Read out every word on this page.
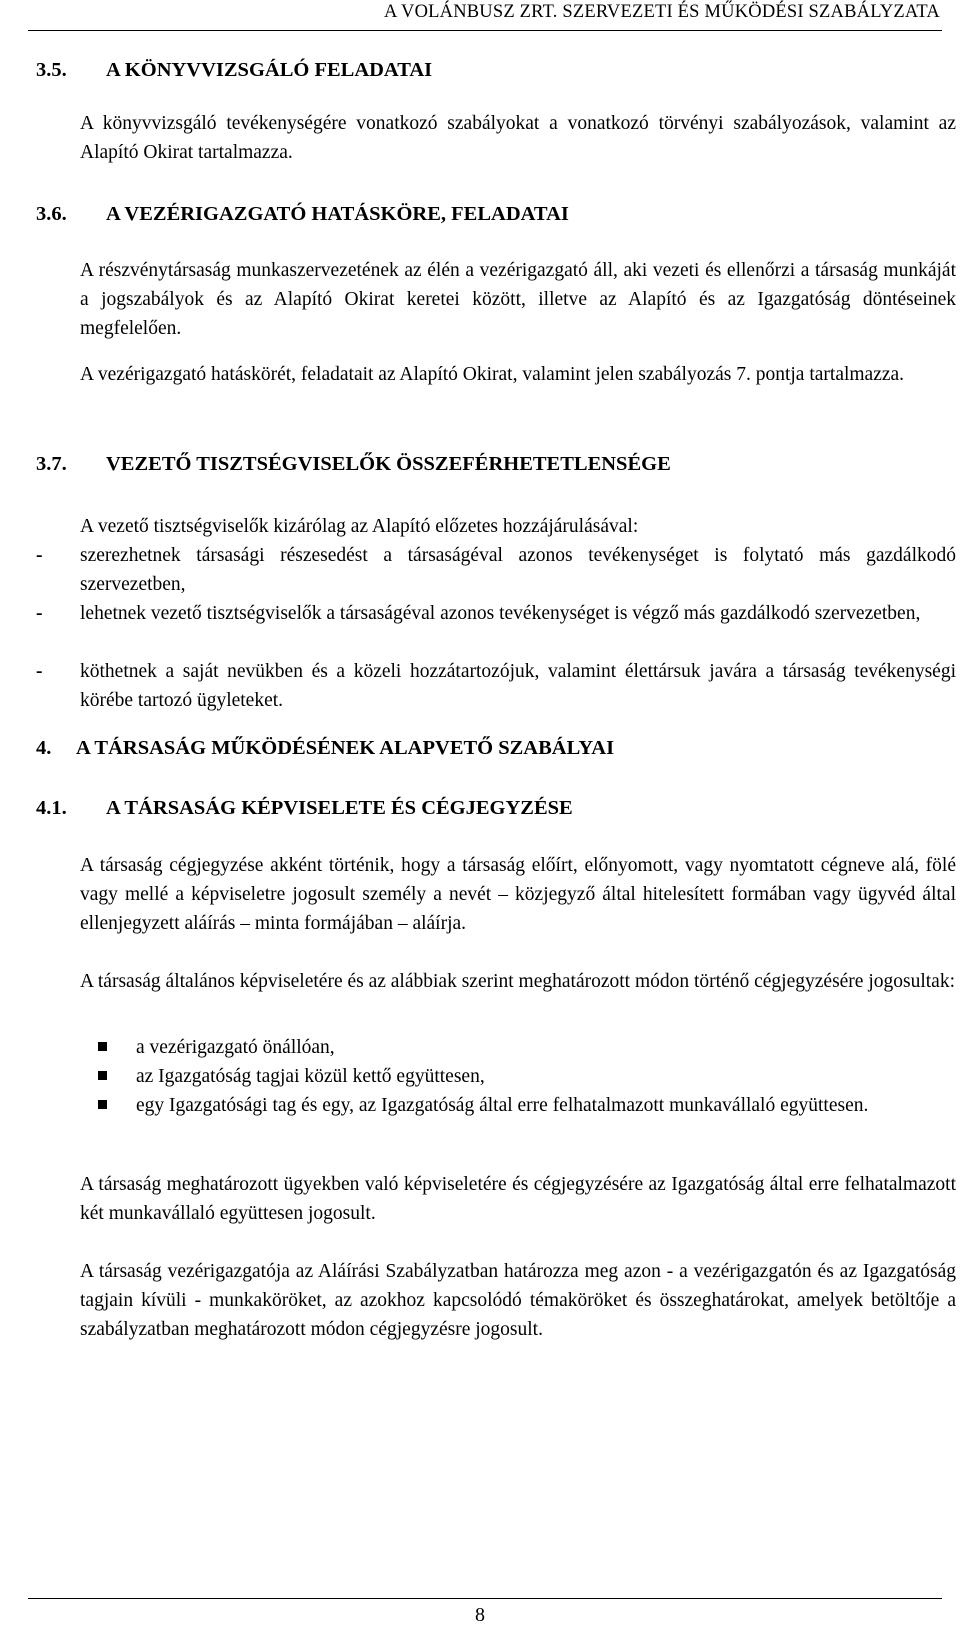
A VOLÁNBUSZ ZRT. SZERVEZETI ÉS MŰKÖDÉSI SZABÁLYZATA
3.5. A KÖNYVVIZSGÁLÓ FELADATAI
A könyvvizsgáló tevékenységére vonatkozó szabályokat a vonatkozó törvényi szabályozások, valamint az Alapító Okirat tartalmazza.
3.6. A VEZÉRIGAZGATÓ HATÁSKÖRE, FELADATAI
A részvénytársaság munkaszervezetének az élén a vezérigazgató áll, aki vezeti és ellenőrzi a társaság munkáját a jogszabályok és az Alapító Okirat keretei között, illetve az Alapító és az Igazgatóság döntéseinek megfelelően.
A vezérigazgató hatáskörét, feladatait az Alapító Okirat, valamint jelen szabályozás 7. pontja tartalmazza.
3.7. VEZETŐ TISZTSÉGVISELŐK ÖSSZEFÉRHETETLENSÉGE
A vezető tisztségviselők kizárólag az Alapító előzetes hozzájárulásával:
-	szerezhetnek társasági részesedést a társaságéval azonos tevékenységet is folytató más gazdálkodó szervezetben,
-	lehetnek vezető tisztségviselők a társaságéval azonos tevékenységet is végző más gazdálkodó szervezetben,
-	köthetnek a saját nevükben és a közeli hozzátartozójuk, valamint élettársuk javára a társaság tevékenységi körébe tartozó ügyleteket.
4. A TÁRSASÁG MŰKÖDÉSÉNEK ALAPVETŐ SZABÁLYAI
4.1. A TÁRSASÁG KÉPVISELETE ÉS CÉGJEGYZÉSE
A társaság cégjegyzése akként történik, hogy a társaság előírt, előnyomott, vagy nyomtatott cégneve alá, fölé vagy mellé a képviseletre jogosult személy a nevét – közjegyző által hitelesített formában vagy ügyvéd által ellenjegyzett aláírás – minta formájában – aláírja.
A társaság általános képviseletére és az alábbiak szerint meghatározott módon történő cégjegyzésére jogosultak:
a vezérigazgató önállóan,
az Igazgatóság tagjai közül kettő együttesen,
egy Igazgatósági tag és egy, az Igazgatóság által erre felhatalmazott munkavállaló együttesen.
A társaság meghatározott ügyekben való képviseletére és cégjegyzésére az Igazgatóság által erre felhatalmazott két munkavállaló együttesen jogosult.
A társaság vezérigazgatója az Aláírási Szabályzatban határozza meg azon - a vezérigazgatón és az Igazgatóság tagjain kívüli - munkaköröket, az azokhoz kapcsolódó témaköröket és összeghatárokat, amelyek betöltője a szabályzatban meghatározott módon cégjegyzésre jogosult.
8
